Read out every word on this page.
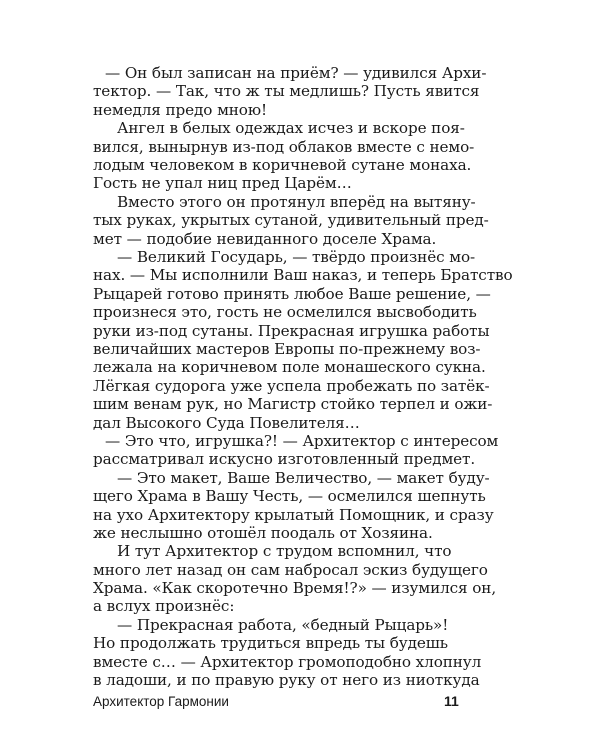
— Он был записан на приём? — удивился Архи-
тектор. — Так, что ж ты медлишь? Пусть явится
немедля предо мною!
Ангел в белых одеждах исчез и вскоре поя-
вился, вынырнув из-под облаков вместе с немо-
лодым человеком в коричневой сутане монаха.
Гость не упал ниц пред Царём…
Вместо этого он протянул вперёд на вытяну-
тых руках, укрытых сутаной, удивительный пред-
мет — подобие невиданного доселе Храма.
— Великий Государь, — твёрдо произнёс мо-
нах. — Мы исполнили Ваш наказ, и теперь Братство
Рыцарей готово принять любое Ваше решение, —
произнеся это, гость не осмелился высвободить
руки из-под сутаны. Прекрасная игрушка работы
величайших мастеров Европы по-прежнему воз-
лежала на коричневом поле монашеского сукна.
Лёгкая судорога уже успела пробежать по затёк-
шим венам рук, но Магистр стойко терпел и ожи-
дал Высокого Суда Повелителя…
— Это что, игрушка?! — Архитектор с интересом
рассматривал искусно изготовленный предмет.
— Это макет, Ваше Величество, — макет буду-
щего Храма в Вашу Честь, — осмелился шепнуть
на ухо Архитектору крылатый Помощник, и сразу
же неслышно отошёл поодаль от Хозяина.
И тут Архитектор с трудом вспомнил, что
много лет назад он сам набросал эскиз будущего
Храма. «Как скоротечно Время!?» — изумился он,
а вслух произнёс:
— Прекрасная работа, «бедный Рыцарь»!
Но продолжать трудиться впредь ты будешь
вместе с… — Архитектор громоподобно хлопнул
в ладоши, и по правую руку от него из ниоткуда
Архитектор Гармонии	11
